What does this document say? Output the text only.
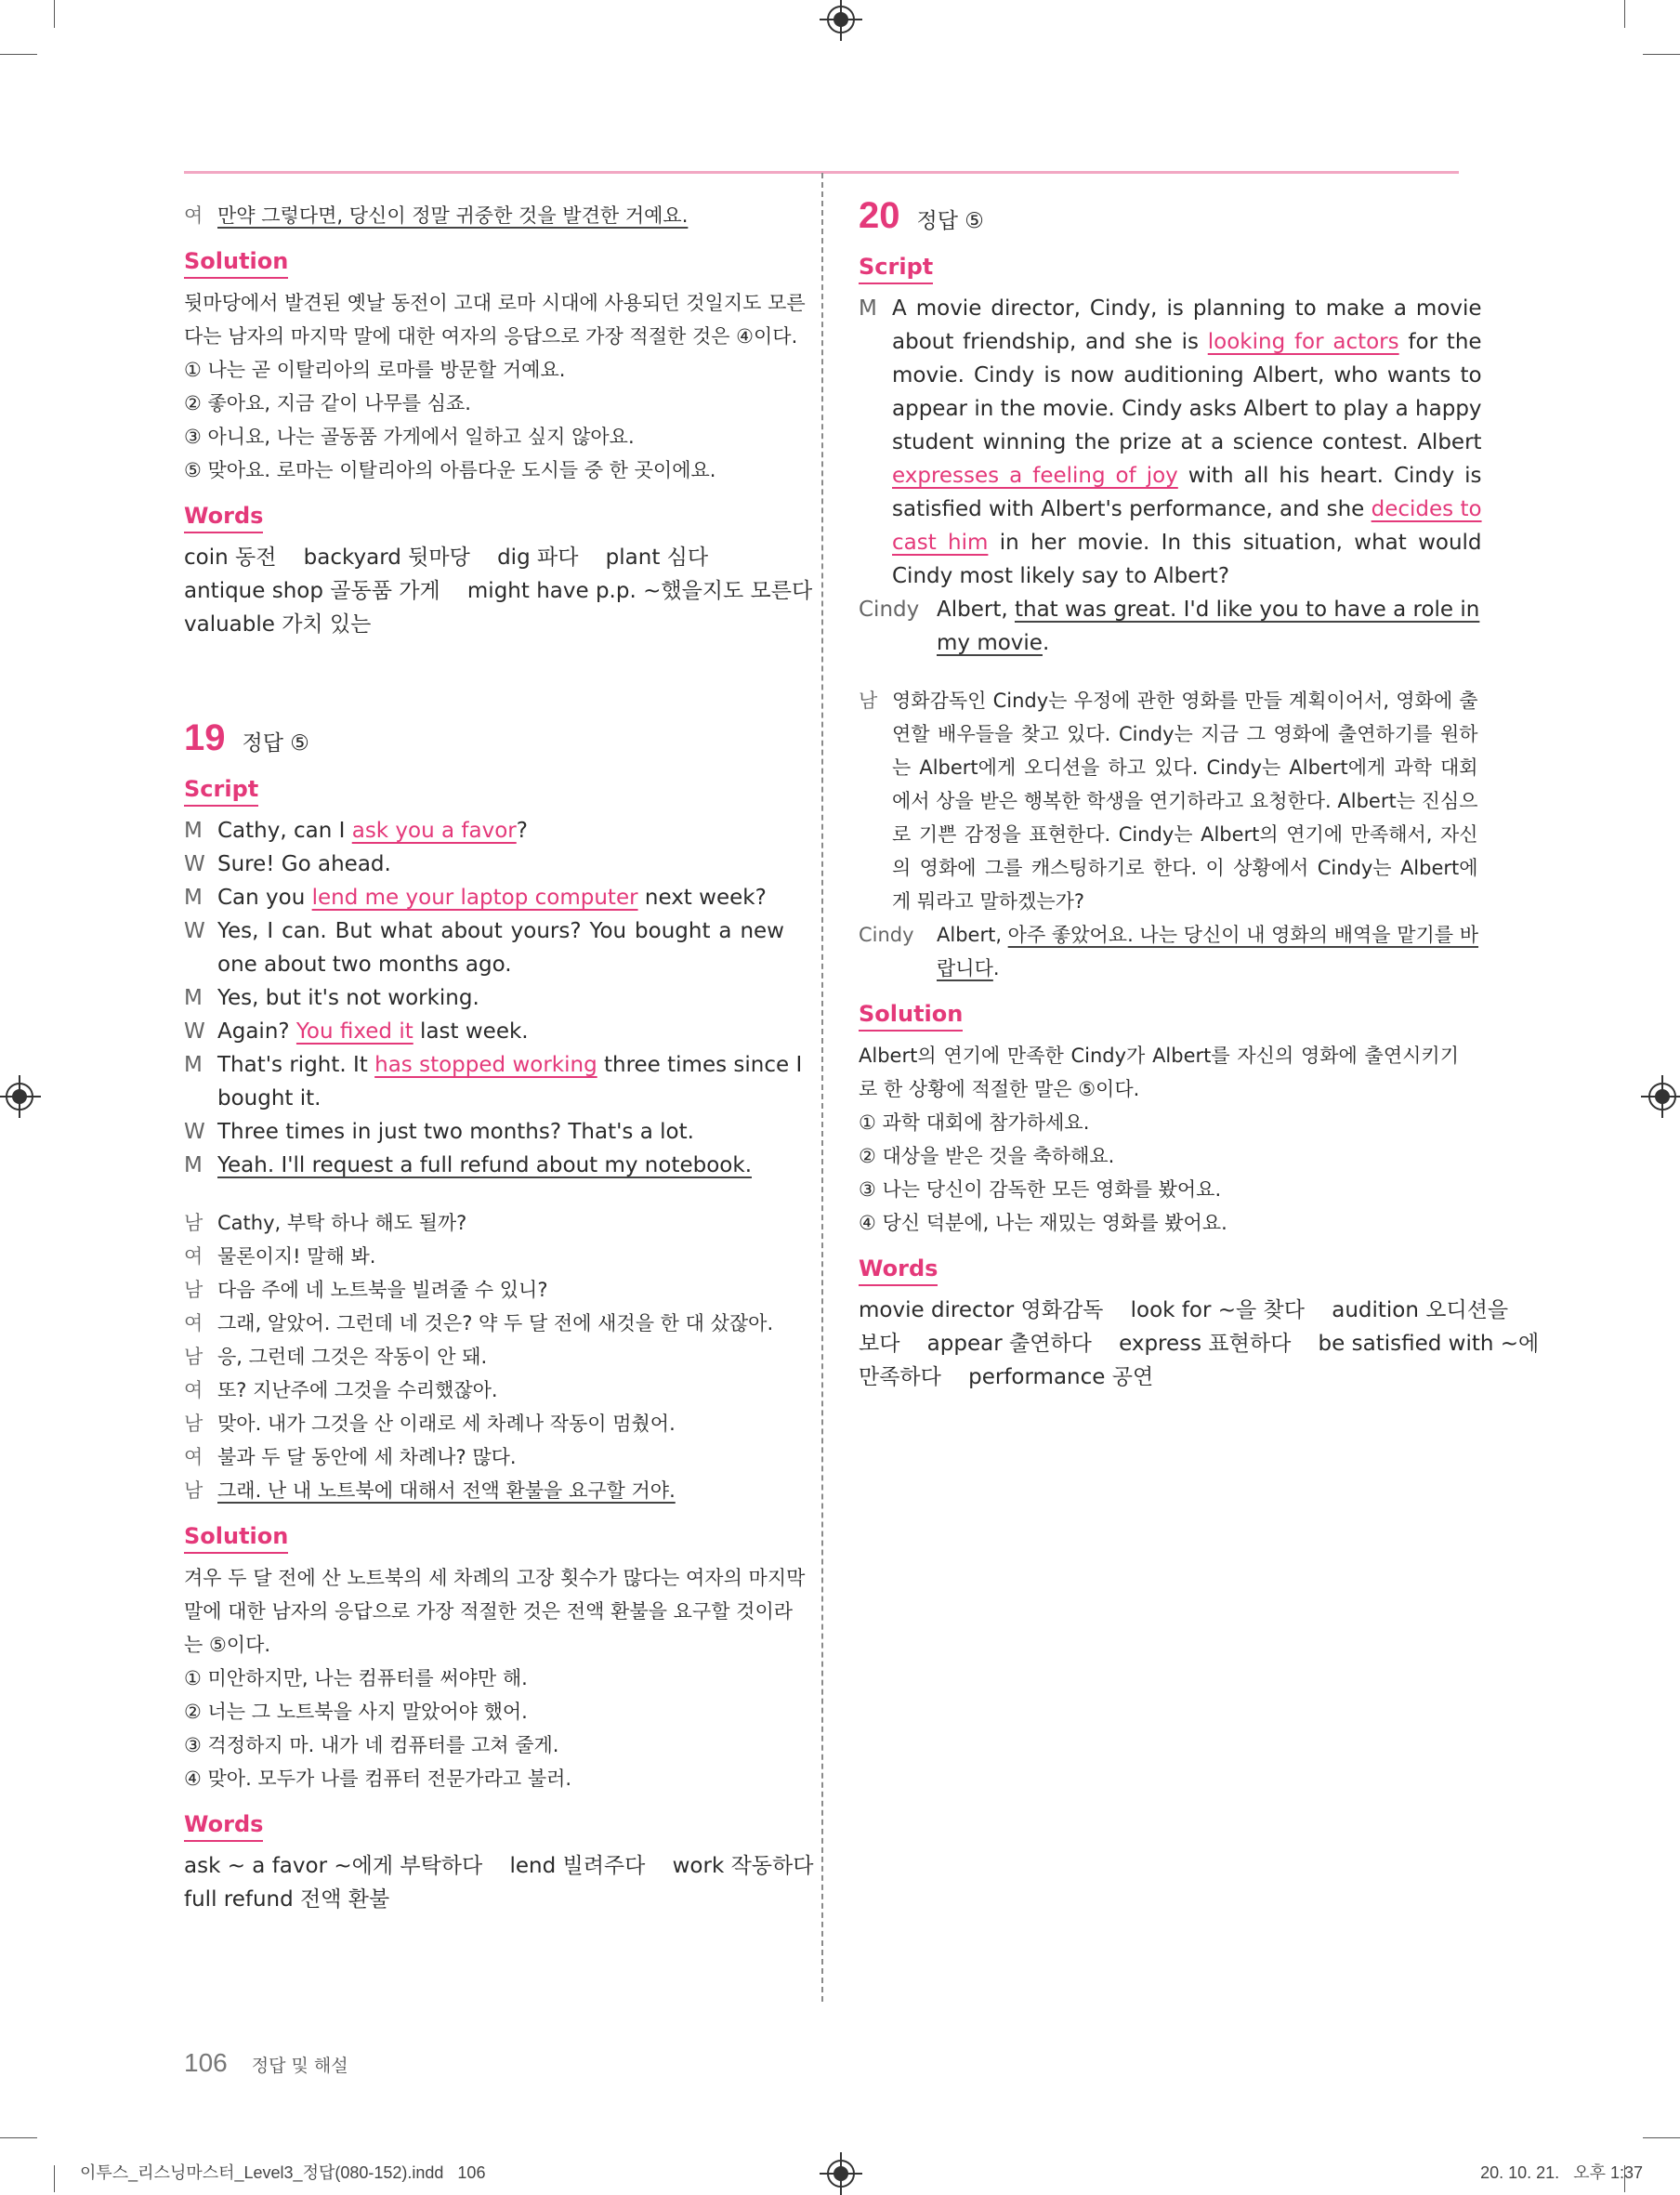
여 만약 그렇다면, 당신이 정말 귀중한 것을 발견한 거예요.
Solution
뒷마당에서 발견된 옛날 동전이 고대 로마 시대에 사용되던 것일지도 모른
다는 남자의 마지막 말에 대한 여자의 응답으로 가장 적절한 것은 ④이다.
① 나는 곧 이탈리아의 로마를 방문할 거예요.
② 좋아요, 지금 같이 나무를 심죠.
③ 아니요, 나는 골동품 가게에서 일하고 싶지 않아요.
⑤ 맞아요. 로마는 이탈리아의 아름다운 도시들 중 한 곳이에요.
Words
coin 동전    backyard 뒷마당    dig 파다    plant 심다
antique shop 골동품 가게    might have p.p. ~했을지도 모른다
valuable 가치 있는
19 정답 ⑤
Script
M Cathy, can I ask you a favor?
W Sure! Go ahead.
M Can you lend me your laptop computer next week?
W Yes, I can. But what about yours? You bought a new
one about two months ago.
M Yes, but it's not working.
W Again? You fixed it last week.
M That's right. It has stopped working three times since I
bought it.
W Three times in just two months? That's a lot.
M Yeah. I'll request a full refund about my notebook.
남 Cathy, 부탁 하나 해도 될까?
여 물론이지! 말해 봐.
남 다음 주에 네 노트북을 빌려줄 수 있니?
여 그래, 알았어. 그런데 네 것은? 약 두 달 전에 새것을 한 대 샀잖아.
남 응, 그런데 그것은 작동이 안 돼.
여 또? 지난주에 그것을 수리했잖아.
남 맞아. 내가 그것을 산 이래로 세 차례나 작동이 멈췄어.
여 불과 두 달 동안에 세 차례나? 많다.
남 그래. 난 내 노트북에 대해서 전액 환불을 요구할 거야.
Solution
겨우 두 달 전에 산 노트북의 세 차례의 고장 횟수가 많다는 여자의 마지막
말에 대한 남자의 응답으로 가장 적절한 것은 전액 환불을 요구할 것이라
는 ⑤이다.
① 미안하지만, 나는 컴퓨터를 써야만 해.
② 너는 그 노트북을 사지 말았어야 했어.
③ 걱정하지 마. 내가 네 컴퓨터를 고쳐 줄게.
④ 맞아. 모두가 나를 컴퓨터 전문가라고 불러.
Words
ask ~ a favor ~에게 부탁하다    lend 빌려주다    work 작동하다
full refund 전액 환불
20 정답 ⑤
Script
M A movie director, Cindy, is planning to make a movie
about friendship, and she is looking for actors for the
movie. Cindy is now auditioning Albert, who wants to
appear in the movie. Cindy asks Albert to play a happy
student winning the prize at a science contest. Albert
expresses a feeling of joy with all his heart. Cindy is
satisfied with Albert's performance, and she decides to
cast him in her movie. In this situation, what would
Cindy most likely say to Albert?
Cindy Albert, that was great. I'd like you to have a role in
my movie.
남 영화감독인 Cindy는 우정에 관한 영화를 만들 계획이어서, 영화에 출
연할 배우들을 찾고 있다. Cindy는 지금 그 영화에 출연하기를 원하
는 Albert에게 오디션을 하고 있다. Cindy는 Albert에게 과학 대회
에서 상을 받은 행복한 학생을 연기하라고 요청한다. Albert는 진심으
로 기쁜 감정을 표현한다. Cindy는 Albert의 연기에 만족해서, 자신
의 영화에 그를 캐스팅하기로 한다. 이 상황에서 Cindy는 Albert에
게 뭐라고 말하겠는가?
Cindy	Albert, 아주 좋았어요. 나는 당신이 내 영화의 배역을 맡기를 바
랍니다.
Solution
Albert의 연기에 만족한 Cindy가 Albert를 자신의 영화에 출연시키기
로 한 상황에 적절한 말은 ⑤이다.
① 과학 대회에 참가하세요.
② 대상을 받은 것을 축하해요.
③ 나는 당신이 감독한 모든 영화를 봤어요.
④ 당신 덕분에, 나는 재밌는 영화를 봤어요.
Words
movie director 영화감독    look for ~을 찾다    audition 오디션을
보다    appear 출연하다    express 표현하다    be satisfied with ~에
만족하다    performance 공연
106 정답 및 해설
이투스_리스닝마스터_Level3_정답(080-152).indd   106	20. 10. 21.   오후 1:37
